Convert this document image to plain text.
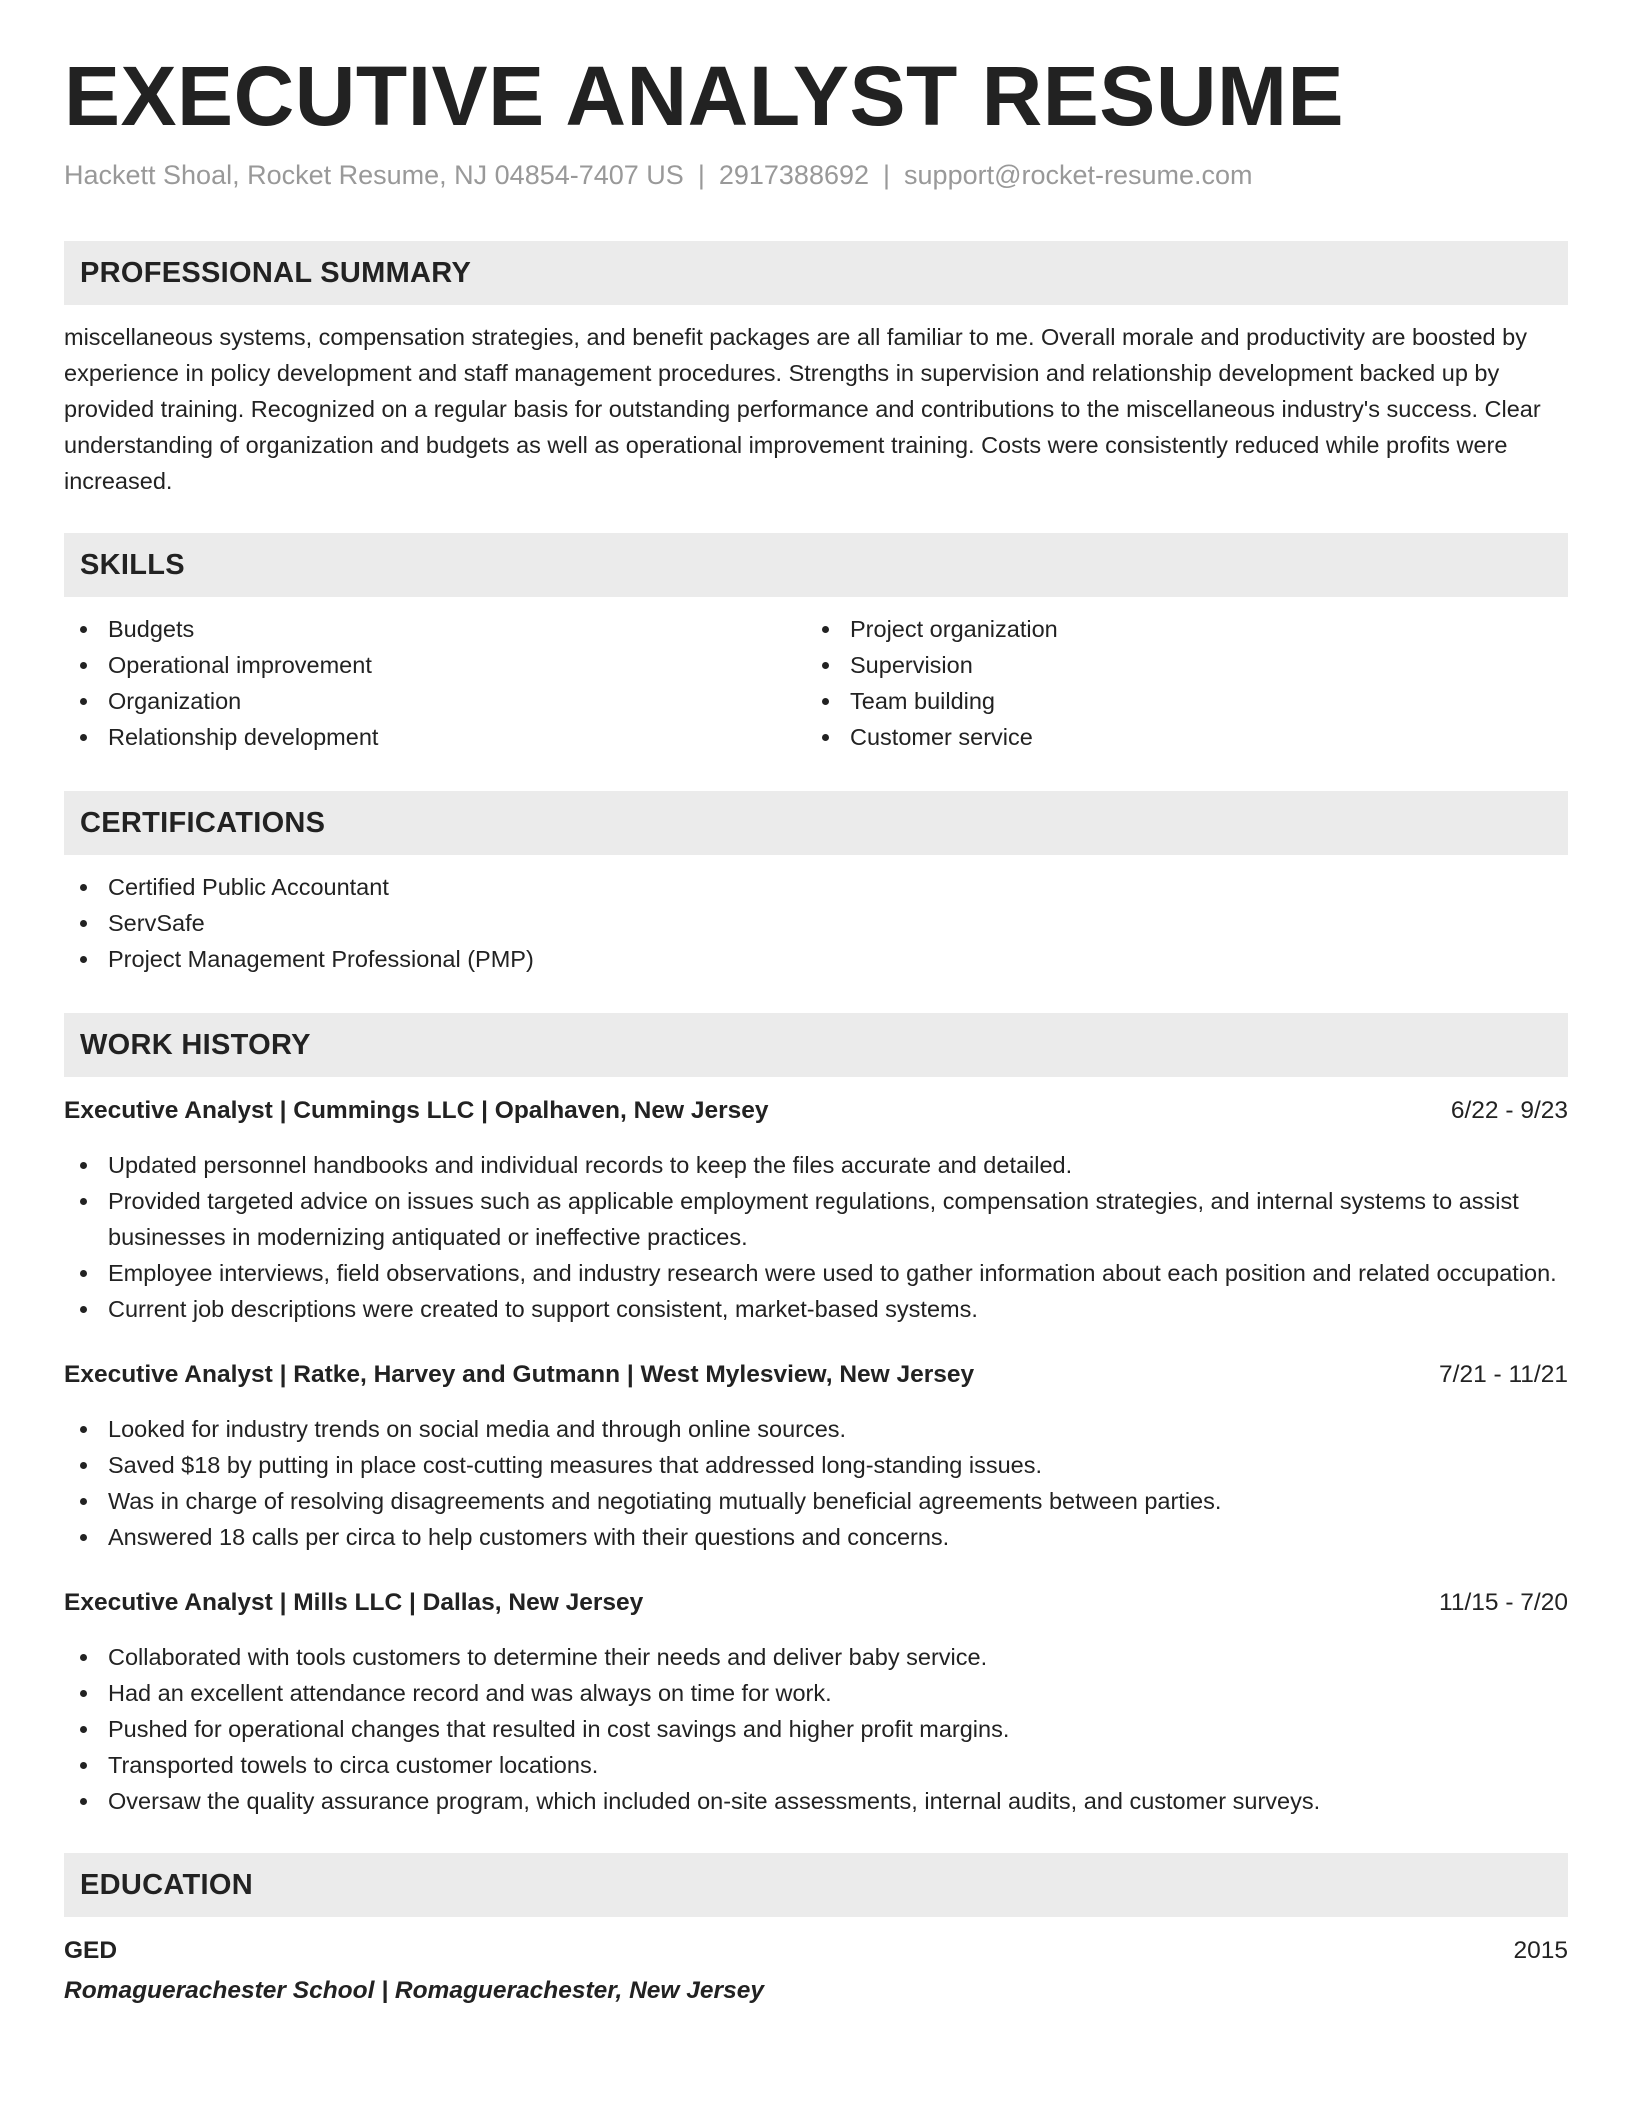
EXECUTIVE ANALYST RESUME
Hackett Shoal, Rocket Resume, NJ 04854-7407 US | 2917388692 | support@rocket-resume.com
PROFESSIONAL SUMMARY

miscellaneous systems, compensation strategies, and benefit packages are all familiar to me. Overall morale and productivity are boosted by experience in policy development and staff management procedures. Strengths in supervision and relationship development backed up by provided training. Recognized on a regular basis for outstanding performance and contributions to the miscellaneous industry's success. Clear understanding of organization and budgets as well as operational improvement training. Costs were consistently reduced while profits were increased.

SKILLS
Budgets
Operational improvement
Organization
Relationship development
Project organization
Supervision
Team building
Customer service
CERTIFICATIONS
Certified Public Accountant
ServSafe
Project Management Professional (PMP)
WORK HISTORY
Executive Analyst | Cummings LLC | Opalhaven, New Jersey	6/22 - 9/23
Updated personnel handbooks and individual records to keep the files accurate and detailed.
Provided targeted advice on issues such as applicable employment regulations, compensation strategies, and internal systems to assist businesses in modernizing antiquated or ineffective practices.
Employee interviews, field observations, and industry research were used to gather information about each position and related occupation.
Current job descriptions were created to support consistent, market-based systems.
Executive Analyst | Ratke, Harvey and Gutmann | West Mylesview, New Jersey	7/21 - 11/21
Looked for industry trends on social media and through online sources.
Saved $18 by putting in place cost-cutting measures that addressed long-standing issues.
Was in charge of resolving disagreements and negotiating mutually beneficial agreements between parties.
Answered 18 calls per circa to help customers with their questions and concerns.
Executive Analyst | Mills LLC | Dallas, New Jersey	11/15 - 7/20
Collaborated with tools customers to determine their needs and deliver baby service.
Had an excellent attendance record and was always on time for work.
Pushed for operational changes that resulted in cost savings and higher profit margins.
Transported towels to circa customer locations.
Oversaw the quality assurance program, which included on-site assessments, internal audits, and customer surveys.
EDUCATION
GED	2015
Romaguerachester School | Romaguerachester, New Jersey
